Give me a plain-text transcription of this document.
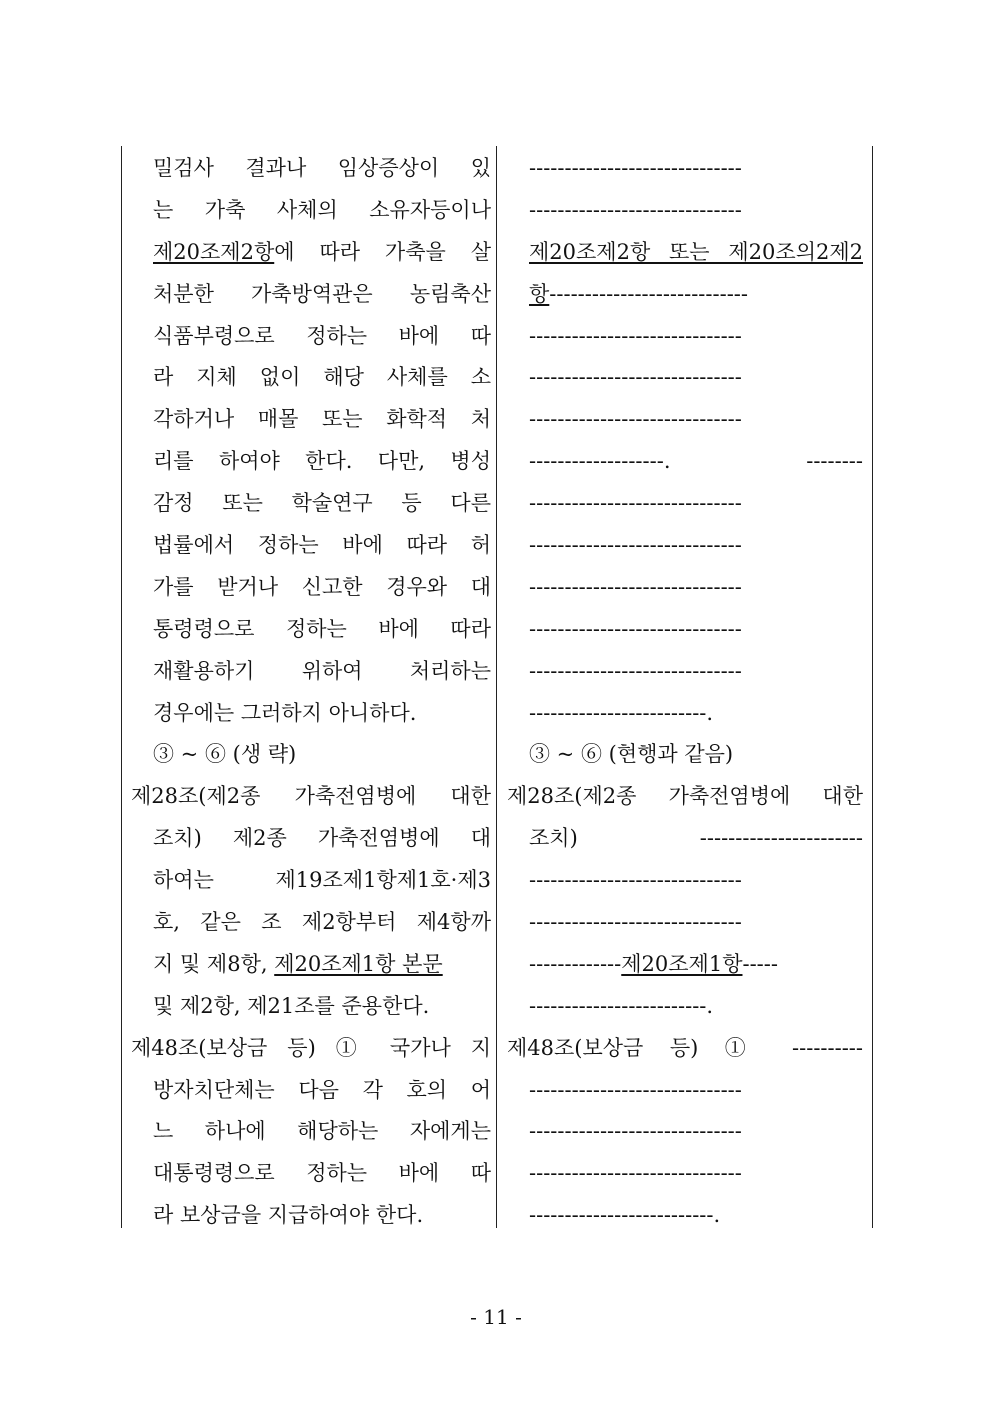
밀검사 결과나 임상증상이 있
는 가축 사체의 소유자등이나
제20조제2항에 따라 가축을 살
처분한 가축방역관은 농림축산
식품부령으로 정하는 바에 따
라 지체 없이 해당 사체를 소
각하거나 매몰 또는 화학적 처
리를 하여야 한다. 다만, 병성
감정 또는 학술연구 등 다른
법률에서 정하는 바에 따라 허
가를 받거나 신고한 경우와 대
통령령으로 정하는 바에 따라
재활용하기 위하여 처리하는
경우에는 그러하지 아니하다.
③ ~ ⑥ (생 략)
제28조(제2종 가축전염병에 대한
조치) 제2종 가축전염병에 대
하여는 제19조제1항제1호·제3
호, 같은 조 제2항부터 제4항까
지 및 제8항, 제20조제1항 본문
및 제2항, 제21조를 준용한다.
제48조(보상금 등) ① 국가나 지
방자치단체는 다음 각 호의 어
느 하나에 해당하는 자에게는
대통령령으로 정하는 바에 따
라 보상금을 지급하여야 한다.
------------------------------
------------------------------
제20조제2항 또는 제20조의2제2
항----------------------------
------------------------------
------------------------------
------------------------------
-------------------. --------
------------------------------
------------------------------
------------------------------
------------------------------
------------------------------
-------------------------.
③ ~ ⑥ (현행과 같음)
제28조(제2종 가축전염병에 대한
조치) -----------------------
------------------------------
------------------------------
-------------제20조제1항-----
-------------------------.
제48조(보상금 등) ① ----------
------------------------------
------------------------------
------------------------------
--------------------------.
- 11 -
